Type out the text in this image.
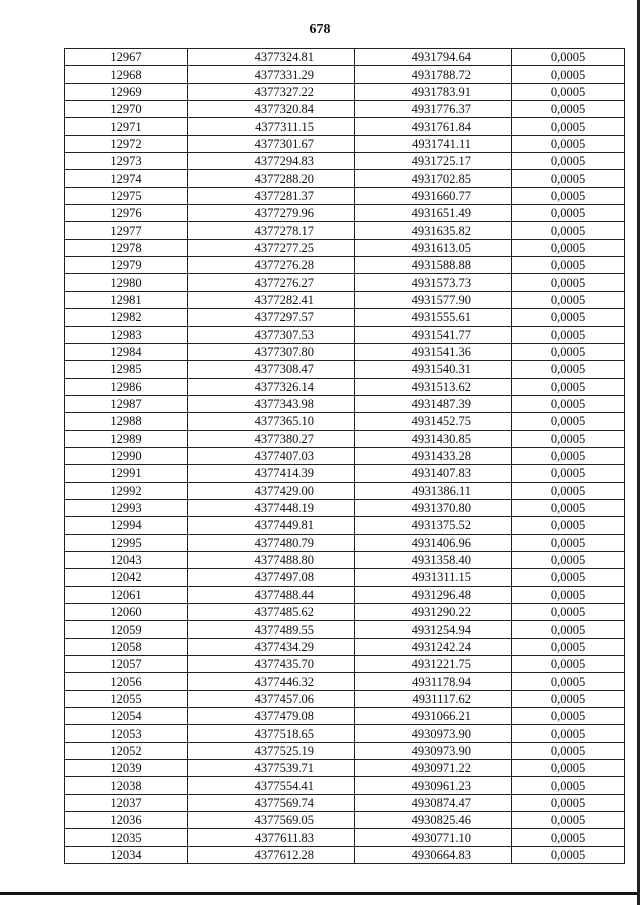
678
12967	4377324.81	4931794.64	0,0005
12968	4377331.29	4931788.72	0,0005
12969	4377327.22	4931783.91	0,0005
12970	4377320.84	4931776.37	0,0005
12971	4377311.15	4931761.84	0,0005
12972	4377301.67	4931741.11	0,0005
12973	4377294.83	4931725.17	0,0005
12974	4377288.20	4931702.85	0,0005
12975	4377281.37	4931660.77	0,0005
12976	4377279.96	4931651.49	0,0005
12977	4377278.17	4931635.82	0,0005
12978	4377277.25	4931613.05	0,0005
12979	4377276.28	4931588.88	0,0005
12980	4377276.27	4931573.73	0,0005
12981	4377282.41	4931577.90	0,0005
12982	4377297.57	4931555.61	0,0005
12983	4377307.53	4931541.77	0,0005
12984	4377307.80	4931541.36	0,0005
12985	4377308.47	4931540.31	0,0005
12986	4377326.14	4931513.62	0,0005
12987	4377343.98	4931487.39	0,0005
12988	4377365.10	4931452.75	0,0005
12989	4377380.27	4931430.85	0,0005
12990	4377407.03	4931433.28	0,0005
12991	4377414.39	4931407.83	0,0005
12992	4377429.00	4931386.11	0,0005
12993	4377448.19	4931370.80	0,0005
12994	4377449.81	4931375.52	0,0005
12995	4377480.79	4931406.96	0,0005
12043	4377488.80	4931358.40	0,0005
12042	4377497.08	4931311.15	0,0005
12061	4377488.44	4931296.48	0,0005
12060	4377485.62	4931290.22	0,0005
12059	4377489.55	4931254.94	0,0005
12058	4377434.29	4931242.24	0,0005
12057	4377435.70	4931221.75	0,0005
12056	4377446.32	4931178.94	0,0005
12055	4377457.06	4931117.62	0,0005
12054	4377479.08	4931066.21	0,0005
12053	4377518.65	4930973.90	0,0005
12052	4377525.19	4930973.90	0,0005
12039	4377539.71	4930971.22	0,0005
12038	4377554.41	4930961.23	0,0005
12037	4377569.74	4930874.47	0,0005
12036	4377569.05	4930825.46	0,0005
12035	4377611.83	4930771.10	0,0005
12034	4377612.28	4930664.83	0,0005
